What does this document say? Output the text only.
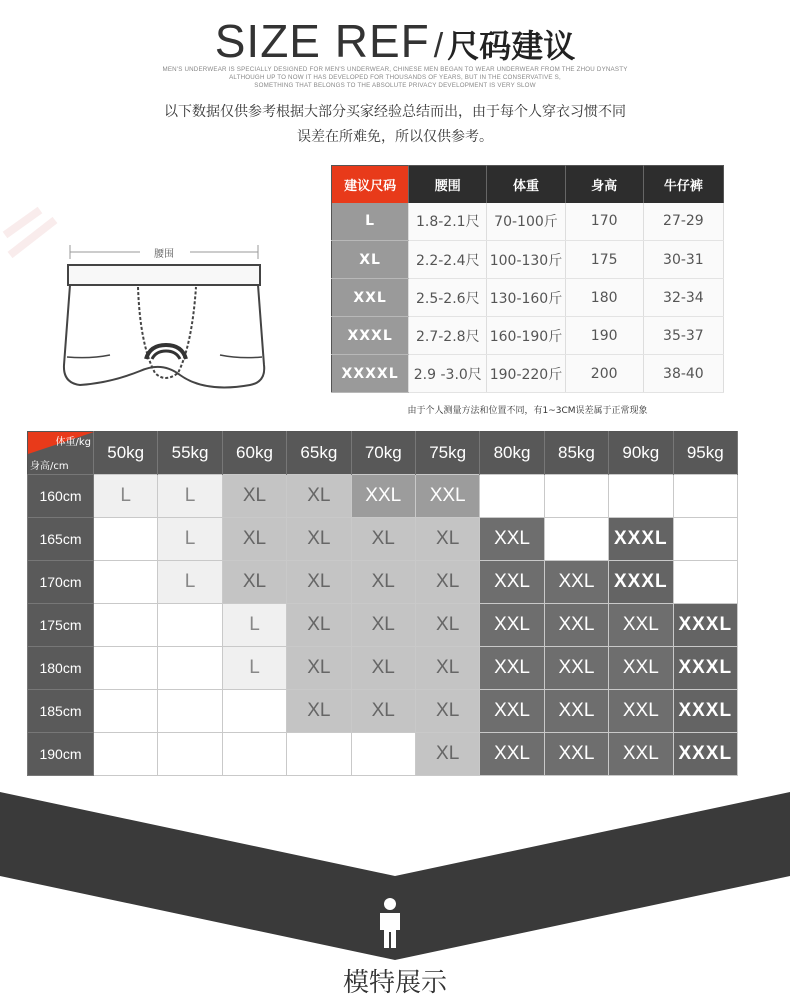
SIZE REF / 尺码建议
MEN'S UNDERWEAR IS SPECIALLY DESIGNED FOR MEN'S UNDERWEAR, CHINESE MEN BEGAN TO WEAR UNDERWEAR FROM THE ZHOU DYNASTY
ALTHOUGH UP TO NOW IT HAS DEVELOPED FOR THOUSANDS OF YEARS, BUT IN THE CONSERVATIVE S,
SOMETHING THAT BELONGS TO THE ABSOLUTE PRIVACY DEVELOPMENT IS VERY SLOW
以下数据仅供参考根据大部分买家经验总结而出，由于每个人穿衣习惯不同
误差在所难免，所以仅供参考。
腰围
建议尺码	腰围	体重	身高	牛仔裤
L	1.8-2.1尺	70-100斤	170	27-29
XL	2.2-2.4尺	100-130斤	175	30-31
XXL	2.5-2.6尺	130-160斤	180	32-34
XXXL	2.7-2.8尺	160-190斤	190	35-37
XXXXL	2.9 -3.0尺	190-220斤	200	38-40
由于个人测量方法和位置不同，有1~3CM误差属于正常现象
体重/kg
身高/cm	50kg	55kg	60kg	65kg	70kg	75kg	80kg	85kg	90kg	95kg
160cm	L	L	XL	XL	XXL	XXL				
165cm		L	XL	XL	XL	XL	XXL		XXXL	
170cm		L	XL	XL	XL	XL	XXL	XXL	XXXL	
175cm			L	XL	XL	XL	XXL	XXL	XXL	XXXL
180cm			L	XL	XL	XL	XXL	XXL	XXL	XXXL
185cm				XL	XL	XL	XXL	XXL	XXL	XXXL
190cm						XL	XXL	XXL	XXL	XXXL
模特展示
